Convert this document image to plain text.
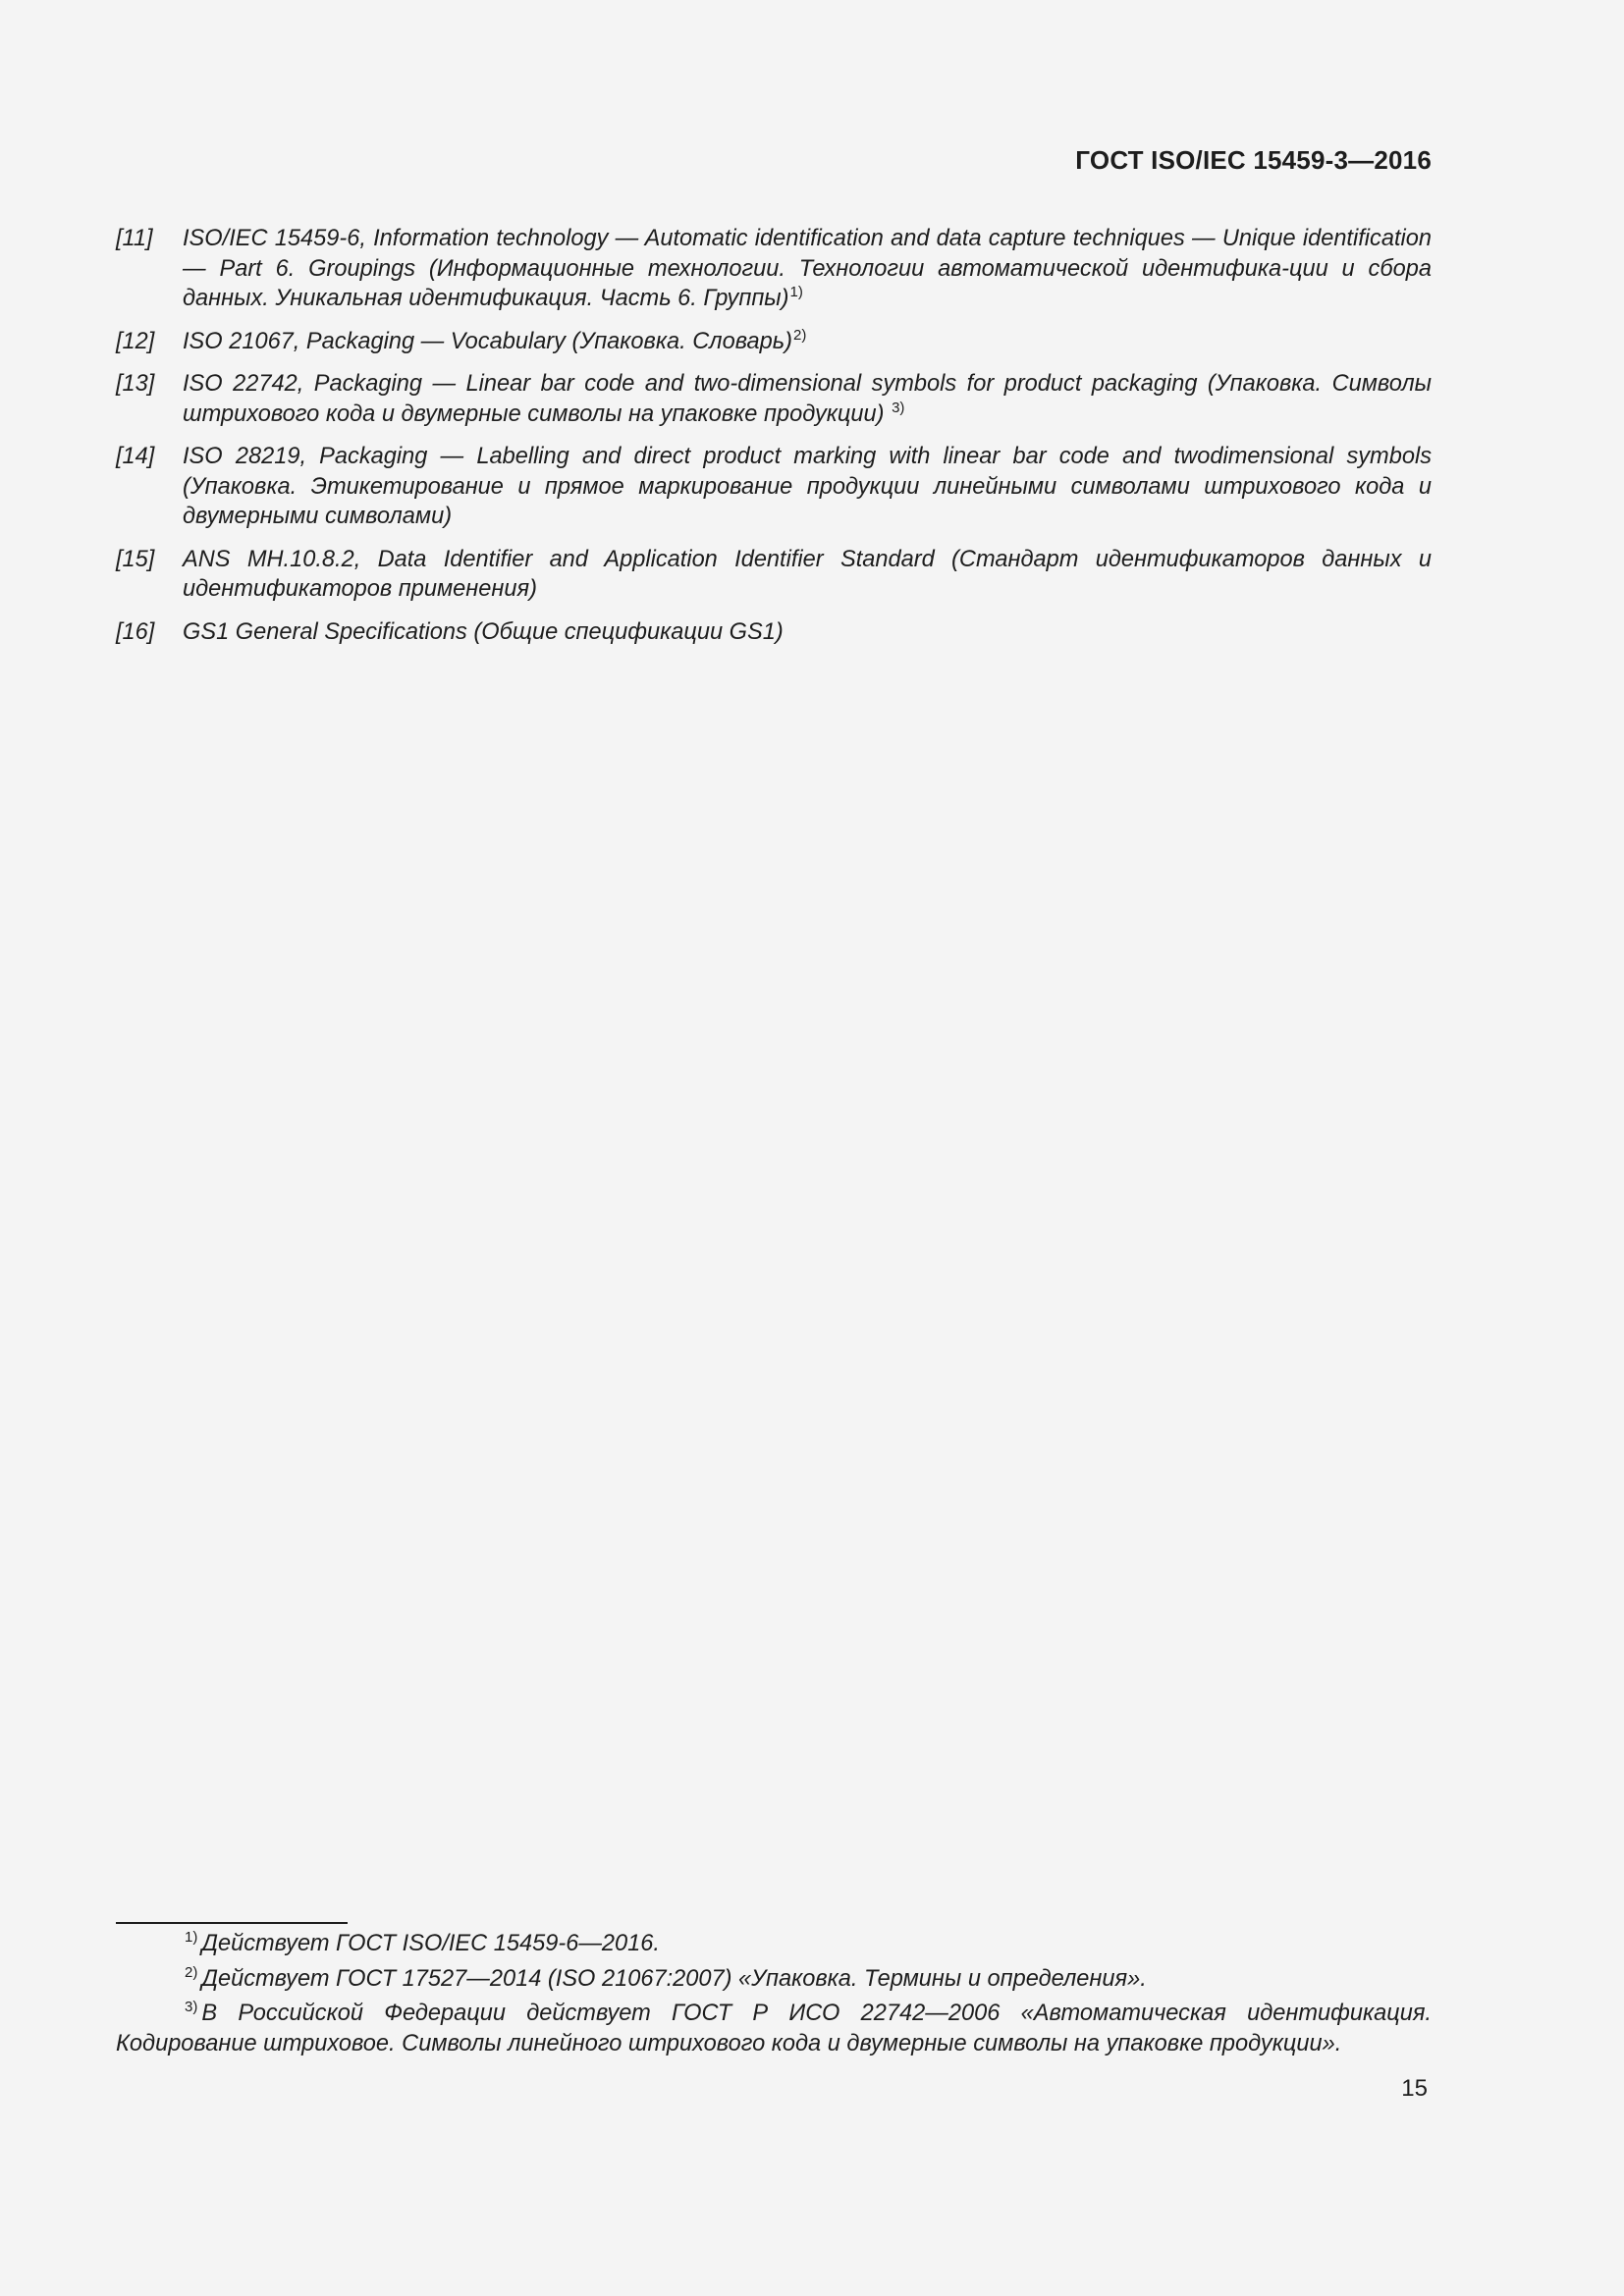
ГОСТ ISO/IEC 15459-3—2016
[11]	ISO/IEC 15459-6, Information technology — Automatic identification and data capture techniques — Unique identification — Part 6. Groupings (Информационные технологии. Технологии автоматической идентифика-ции и сбора данных. Уникальная идентификация. Часть 6. Группы)$^{1)}$
[12]	ISO 21067, Packaging — Vocabulary (Упаковка. Словарь)$^{2)}$
[13]	ISO 22742, Packaging — Linear bar code and two-dimensional symbols for product packaging (Упаковка. Символы штрихового кода и двумерные символы на упаковке продукции) $^{3)}$
[14]	ISO 28219, Packaging — Labelling and direct product marking with linear bar code and twodimensional symbols (Упаковка. Этикетирование и прямое маркирование продукции линейными символами штрихового кода и двумерными символами)
[15]	ANS MH.10.8.2, Data Identifier and Application Identifier Standard (Стандарт идентификаторов данных и идентификаторов применения)
[16]	GS1 General Specifications (Общие спецификации GS1)
$^{1)}$ Действует ГОСТ ISO/IEC 15459-6—2016.
$^{2)}$ Действует ГОСТ 17527—2014 (ISO 21067:2007) «Упаковка. Термины и определения».
$^{3)}$ В Российской Федерации действует ГОСТ Р ИСО 22742—2006 «Автоматическая идентификация. Кодирование штриховое. Символы линейного штрихового кода и двумерные символы на упаковке продукции».
15
